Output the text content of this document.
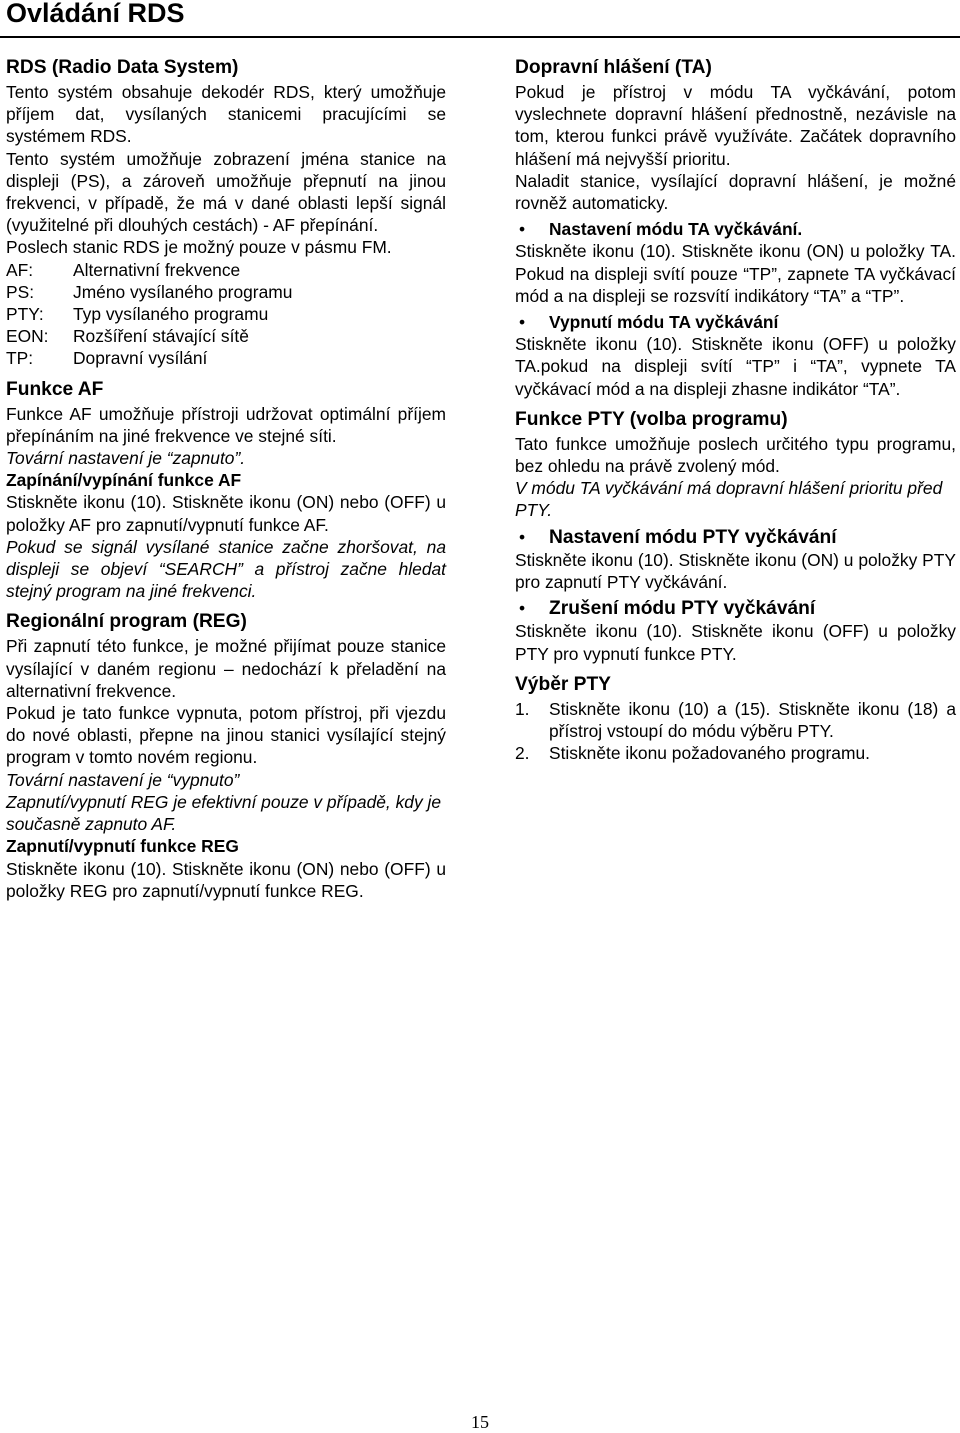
Ovládání RDS

RDS (Radio Data System)

Tento systém obsahuje dekodér RDS, který umožňuje příjem dat, vysílaných stanicemi pracujícími se systémem RDS.

Tento systém umožňuje zobrazení jména stanice na displeji (PS), a zároveň umožňuje přepnutí na jinou frekvenci, v případě, že má v dané oblasti lepší signál (využitelné při dlouhých cestách) - AF přepínání.

Poslech stanic RDS je možný pouze v pásmu FM.

AF:	Alternativní frekvence
PS:	Jméno vysílaného programu
PTY:	Typ vysílaného programu
EON:	Rozšíření stávající sítě
TP:	Dopravní vysílání

Funkce AF

Funkce AF umožňuje přístroji udržovat optimální příjem přepínáním na jiné frekvence ve stejné síti.

Tovární nastavení je “zapnuto”.

Zapínání/vypínání funkce AF

Stiskněte ikonu (10). Stiskněte ikonu (ON) nebo (OFF) u položky AF pro zapnutí/vypnutí funkce AF.

Pokud se signál vysílané stanice začne zhoršovat, na displeji se objeví “SEARCH” a přístroj začne hledat stejný program na jiné frekvenci.

Regionální program (REG)

Při zapnutí této funkce, je možné přijímat pouze stanice vysílající v daném regionu – nedochází k přeladění na alternativní frekvence.

Pokud je tato funkce vypnuta, potom přístroj, při vjezdu do nové oblasti, přepne na jinou stanici vysílající stejný program v tomto novém regionu.

Tovární nastavení je “vypnuto”

Zapnutí/vypnutí REG je efektivní pouze v případě, kdy je současně zapnuto AF.

Zapnutí/vypnutí funkce REG

Stiskněte ikonu (10). Stiskněte ikonu (ON) nebo (OFF) u položky REG pro zapnutí/vypnutí funkce REG.

Dopravní hlášení (TA)

Pokud je přístroj v módu TA vyčkávání, potom vyslechnete dopravní hlášení přednostně, nezávisle na tom, kterou funkci právě využíváte. Začátek dopravního hlášení má nejvyšší prioritu.

Naladit stanice, vysílající dopravní hlášení, je možné rovněž automaticky.

•	Nastavení módu TA vyčkávání.

Stiskněte ikonu (10). Stiskněte ikonu (ON) u položky TA. Pokud na displeji svítí pouze “TP”, zapnete TA vyčkávací mód a na displeji se rozsvítí indikátory “TA” a “TP”.

•	Vypnutí módu TA vyčkávání

Stiskněte ikonu (10). Stiskněte ikonu (OFF) u položky TA.pokud na displeji svítí “TP” i “TA”, vypnete TA vyčkávací mód a na displeji zhasne indikátor “TA”.

Funkce PTY (volba programu)

Tato funkce umožňuje poslech určitého typu programu, bez ohledu na právě zvolený mód.

V módu TA vyčkávání má dopravní hlášení prioritu před PTY.

•	Nastavení módu PTY vyčkávání

Stiskněte ikonu (10). Stiskněte ikonu (ON) u položky PTY pro zapnutí PTY vyčkávání.

•	Zrušení módu PTY vyčkávání

Stiskněte ikonu (10). Stiskněte ikonu (OFF) u položky PTY pro vypnutí funkce PTY.

Výběr PTY

1.	Stiskněte ikonu (10) a (15). Stiskněte ikonu (18) a přístroj vstoupí do módu výběru PTY.
2.	Stiskněte ikonu požadovaného programu.
15
